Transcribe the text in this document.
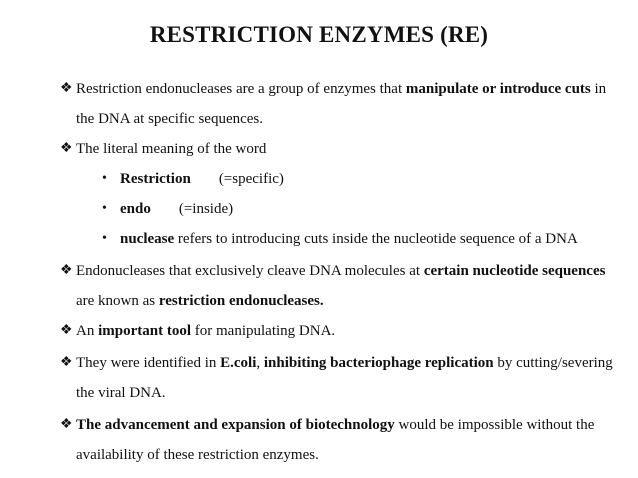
RESTRICTION ENZYMES (RE)
❖ Restriction endonucleases are a group of enzymes that manipulate or introduce cuts in the DNA at specific sequences.
❖ The literal meaning of the word
• Restriction (=specific)
• endo (=inside)
• nuclease refers to introducing cuts inside the nucleotide sequence of a DNA
❖ Endonucleases that exclusively cleave DNA molecules at certain nucleotide sequences are known as restriction endonucleases.
❖ An important tool for manipulating DNA.
❖ They were identified in E.coli, inhibiting bacteriophage replication by cutting/severing the viral DNA.
❖ The advancement and expansion of biotechnology would be impossible without the availability of these restriction enzymes.
